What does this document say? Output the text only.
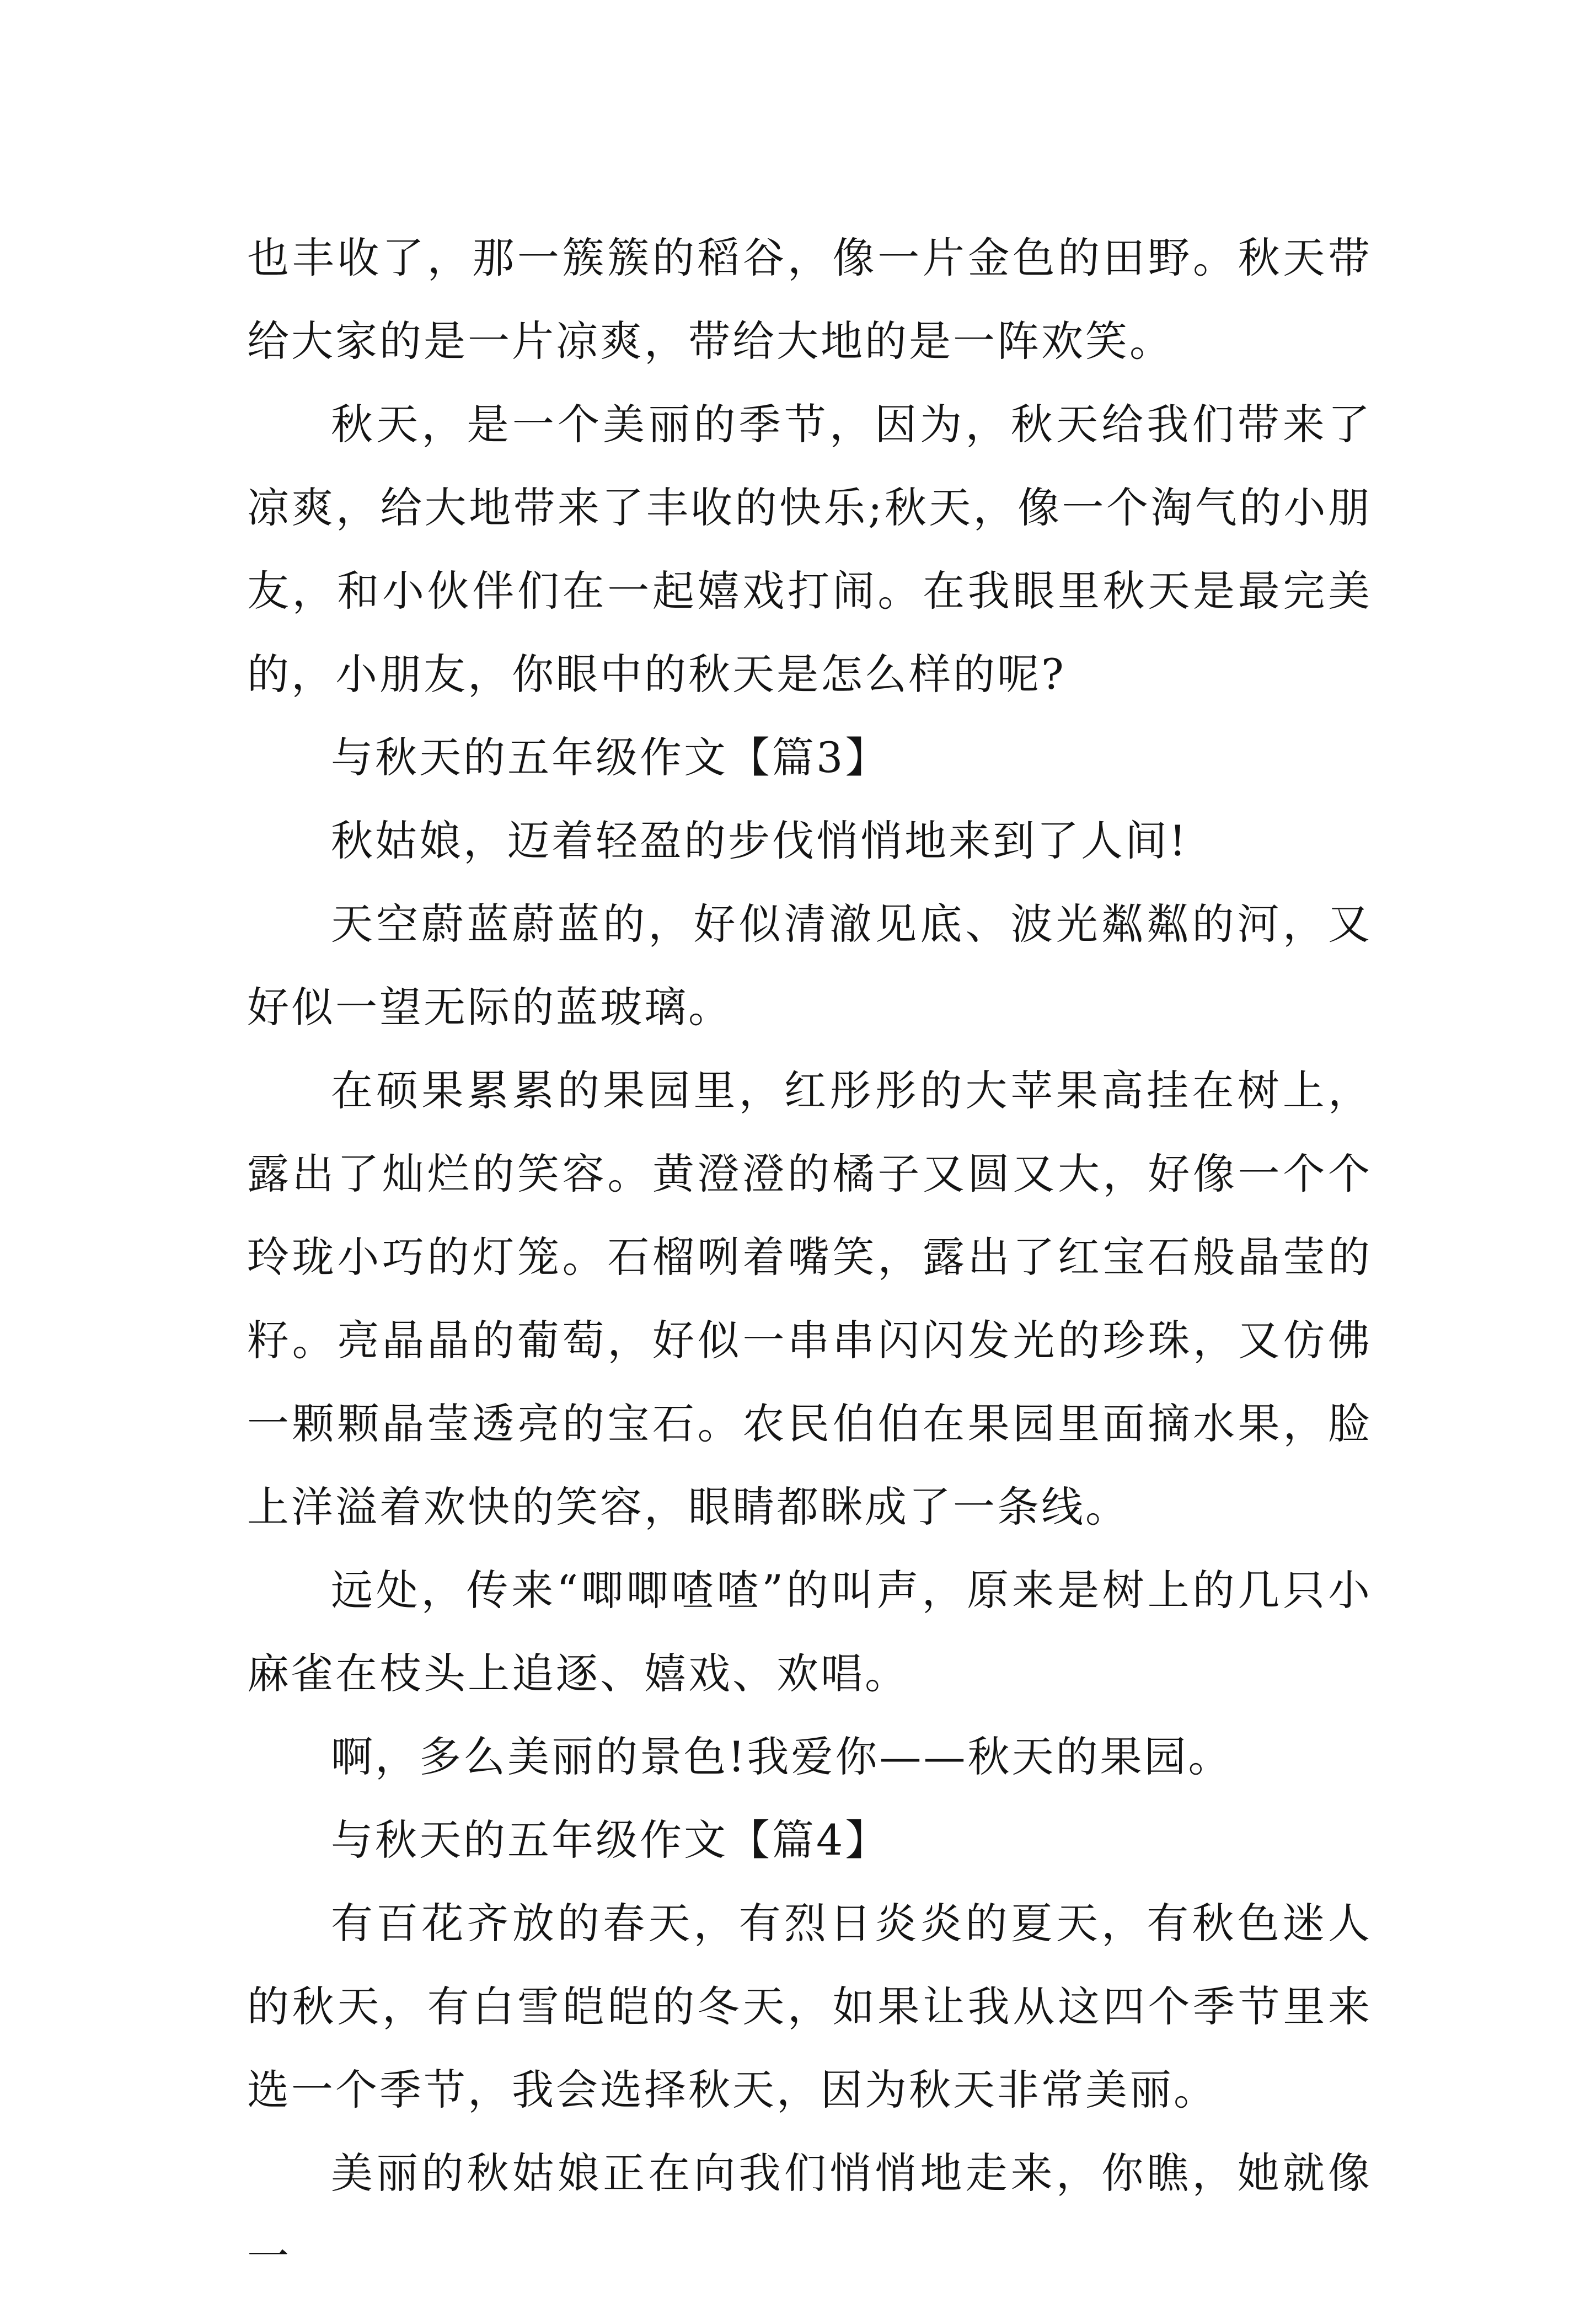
也丰收了，那一簇簇的稻谷，像一片金色的田野。秋天带给大家的是一片凉爽，带给大地的是一阵欢笑。

秋天，是一个美丽的季节，因为，秋天给我们带来了凉爽，给大地带来了丰收的快乐;秋天，像一个淘气的小朋友，和小伙伴们在一起嬉戏打闹。在我眼里秋天是最完美的，小朋友，你眼中的秋天是怎么样的呢?

与秋天的五年级作文【篇3】

秋姑娘，迈着轻盈的步伐悄悄地来到了人间!

天空蔚蓝蔚蓝的，好似清澈见底、波光粼粼的河，又好似一望无际的蓝玻璃。

在硕果累累的果园里，红彤彤的大苹果高挂在树上，露出了灿烂的笑容。黄澄澄的橘子又圆又大，好像一个个玲珑小巧的灯笼。石榴咧着嘴笑，露出了红宝石般晶莹的籽。亮晶晶的葡萄，好似一串串闪闪发光的珍珠，又仿佛一颗颗晶莹透亮的宝石。农民伯伯在果园里面摘水果，脸上洋溢着欢快的笑容，眼睛都眯成了一条线。

远处，传来“唧唧喳喳”的叫声，原来是树上的几只小麻雀在枝头上追逐、嬉戏、欢唱。

啊，多么美丽的景色!我爱你——秋天的果园。

与秋天的五年级作文【篇4】

有百花齐放的春天，有烈日炎炎的夏天，有秋色迷人的秋天，有白雪皑皑的冬天，如果让我从这四个季节里来选一个季节，我会选择秋天，因为秋天非常美丽。

美丽的秋姑娘正在向我们悄悄地走来，你瞧，她就像一
